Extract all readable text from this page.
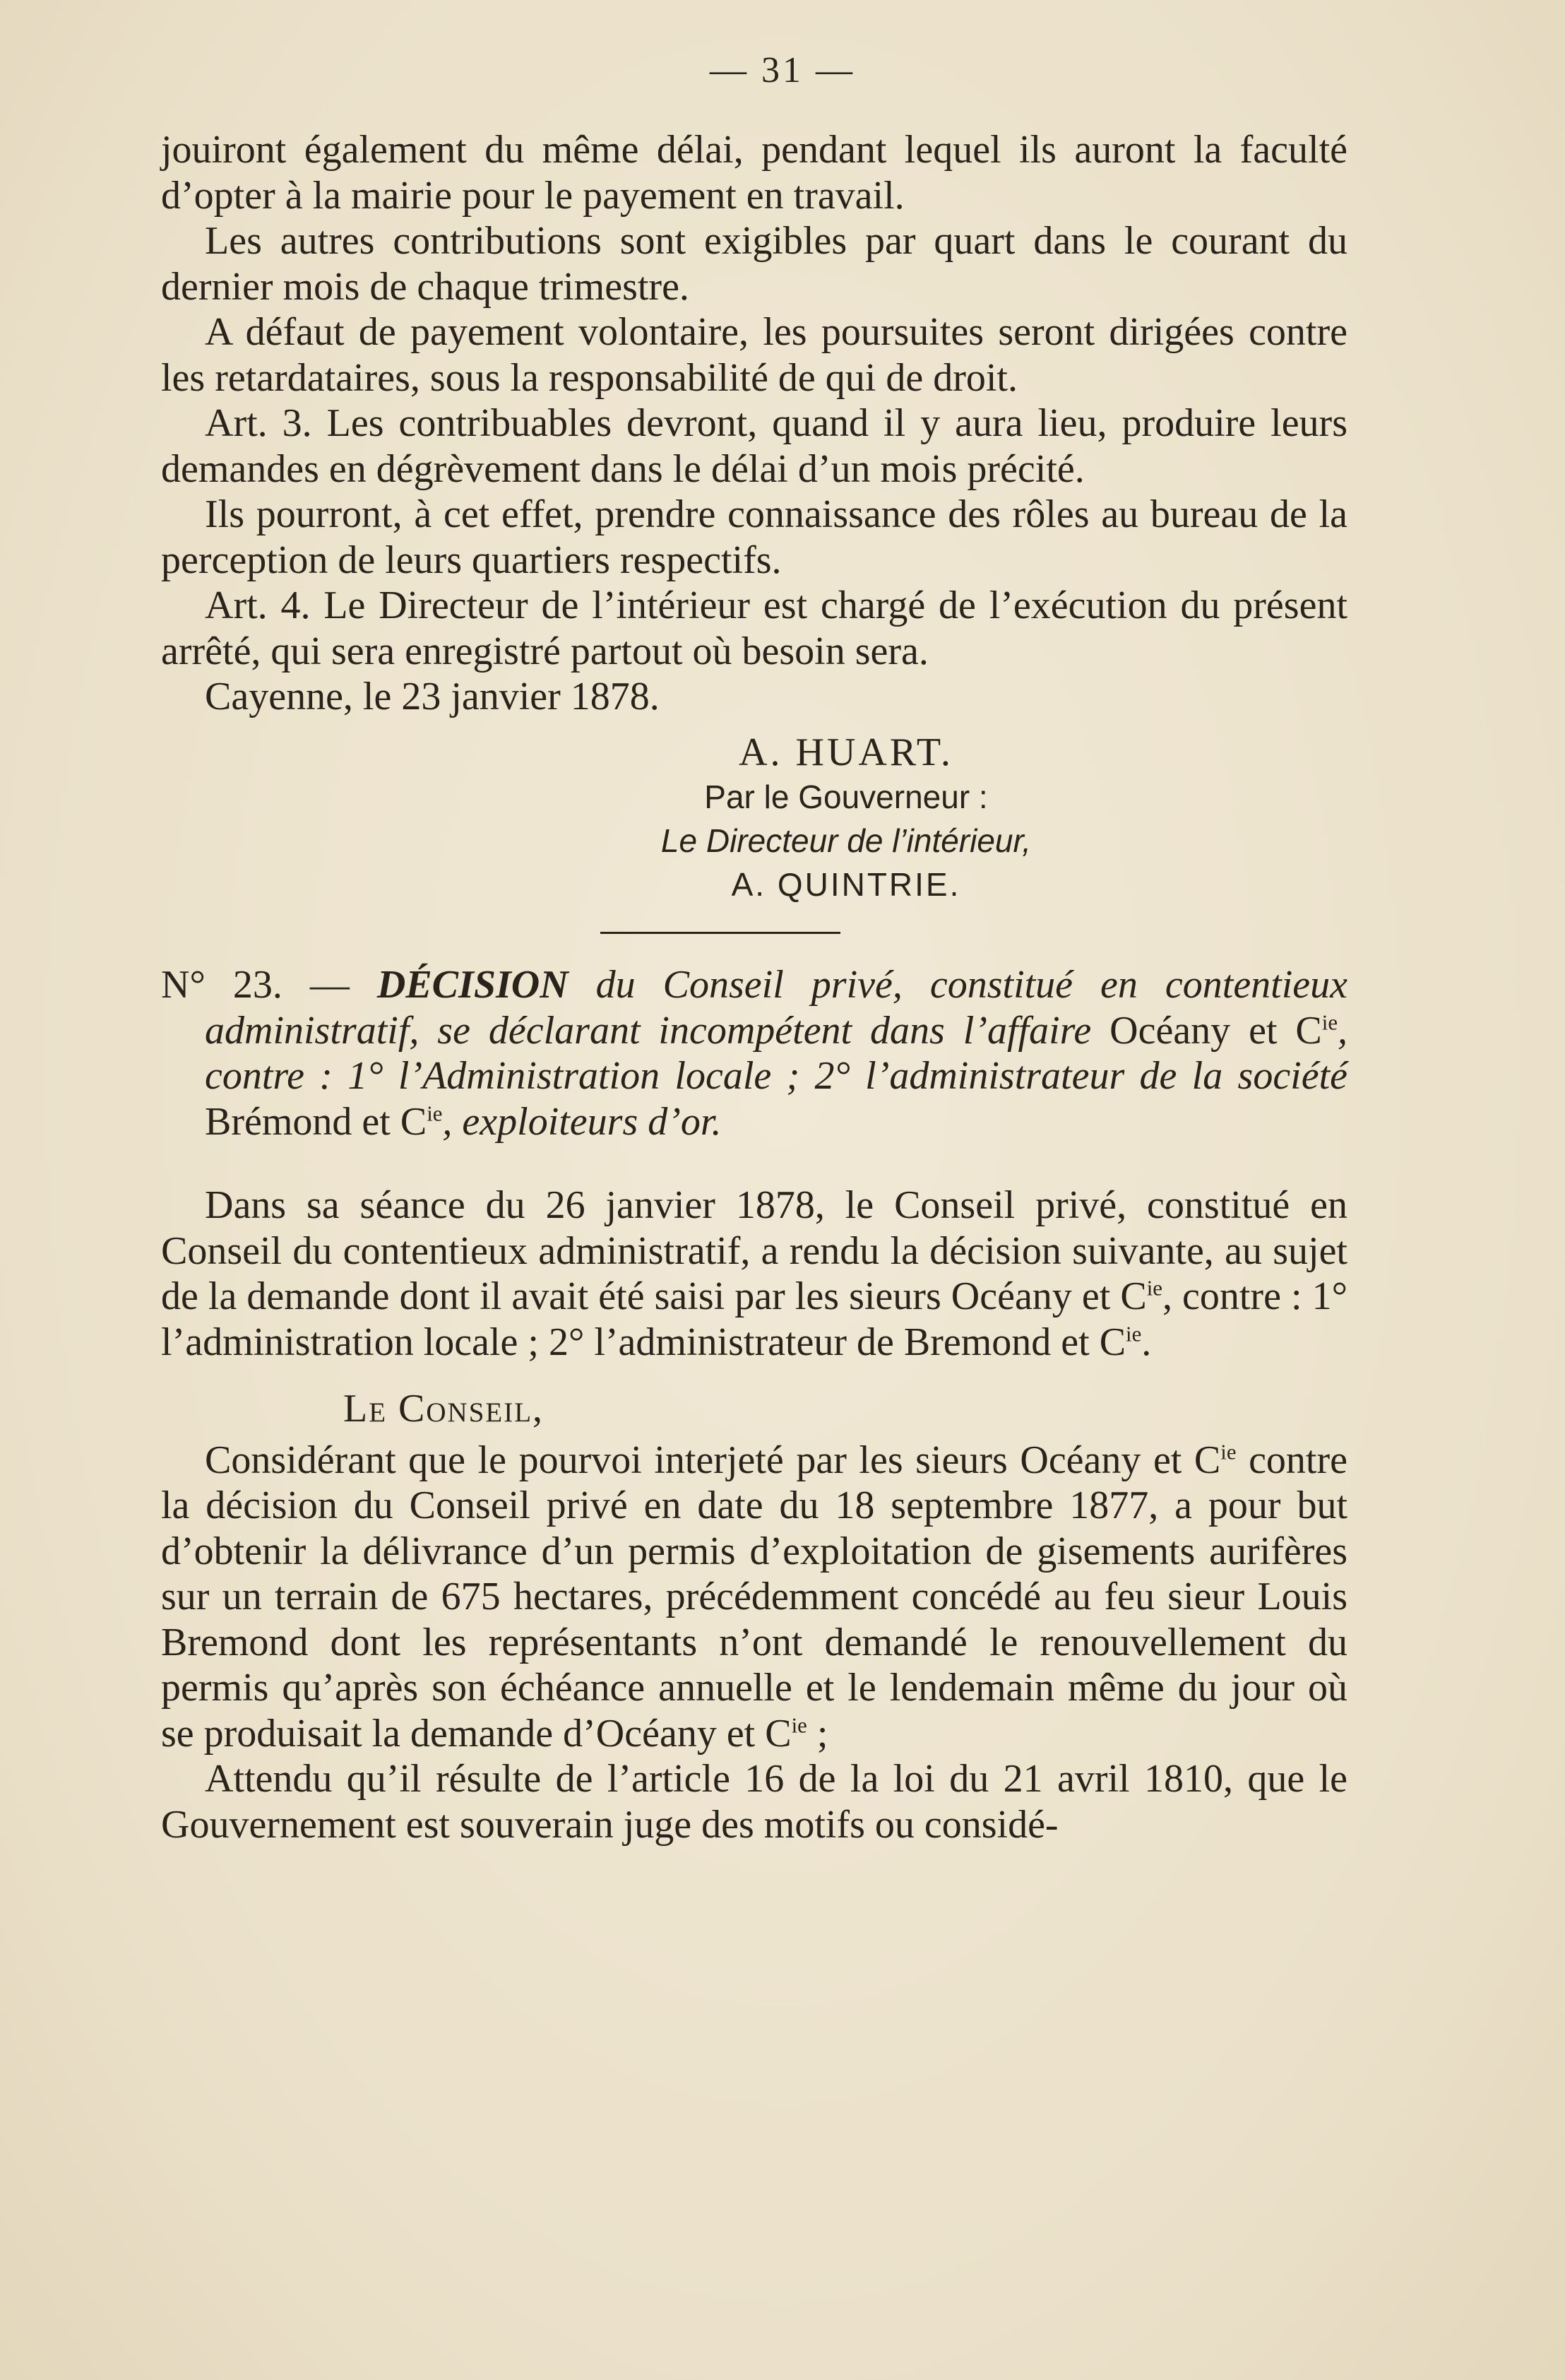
— 31 —

jouiront également du même délai, pendant lequel ils auront la faculté d’opter à la mairie pour le payement en travail.

Les autres contributions sont exigibles par quart dans le courant du dernier mois de chaque trimestre.

A défaut de payement volontaire, les poursuites seront dirigées contre les retardataires, sous la responsabilité de qui de droit.

Art. 3. Les contribuables devront, quand il y aura lieu, produire leurs demandes en dégrèvement dans le délai d’un mois précité.

Ils pourront, à cet effet, prendre connaissance des rôles au bureau de la perception de leurs quartiers respectifs.

Art. 4. Le Directeur de l’intérieur est chargé de l’exécution du présent arrêté, qui sera enregistré partout où besoin sera.

Cayenne, le 23 janvier 1878.

A. HUART.
Par le Gouverneur :
Le Directeur de l’intérieur,
A. QUINTRIE.

N° 23. — DÉCISION du Conseil privé, constitué en contentieux administratif, se déclarant incompétent dans l’affaire Océany et $C^{ie}$, contre : 1° l’Administration locale ; 2° l’administrateur de la société Brémond et $C^{ie}$, exploiteurs d’or.

Dans sa séance du 26 janvier 1878, le Conseil privé, constitué en Conseil du contentieux administratif, a rendu la décision suivante, au sujet de la demande dont il avait été saisi par les sieurs Océany et $C^{ie}$, contre : 1° l’administration locale ; 2° l’administrateur de Bremond et $C^{ie}$.

Le Conseil,

Considérant que le pourvoi interjeté par les sieurs Océany et $C^{ie}$ contre la décision du Conseil privé en date du 18 septembre 1877, a pour but d’obtenir la délivrance d’un permis d’exploitation de gisements aurifères sur un terrain de 675 hectares, précédemment concédé au feu sieur Louis Bremond dont les représentants n’ont demandé le renouvellement du permis qu’après son échéance annuelle et le lendemain même du jour où se produisait la demande d’Océany et $C^{ie}$ ;

Attendu qu’il résulte de l’article 16 de la loi du 21 avril 1810, que le Gouvernement est souverain juge des motifs ou considé-
